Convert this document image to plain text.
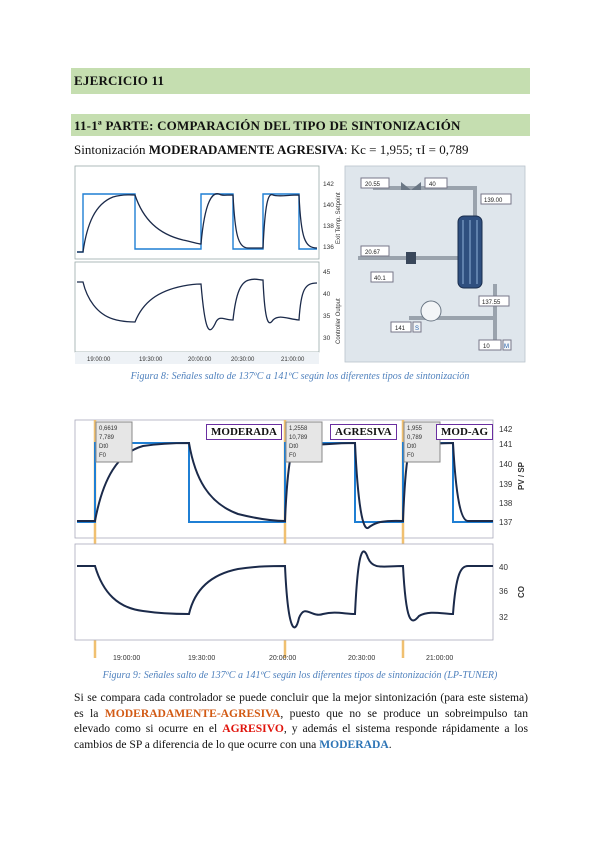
EJERCICIO 11
11-1ª PARTE: COMPARACIÓN DEL TIPO DE SINTONIZACIÓN
Sintonización MODERADAMENTE AGRESIVA: Kc = 1,955; τI = 0,789
19:00:00	19:30:00	20:00:00	20:30:00	21:00:00
142
140
138
136
45
40
35
30
Exit Temp. Setpoint
Controller Output
20.55	40
139.00
20.67
40.1
137.55
141 S
10 M
Figura 8: Señales salto de 137ºC a 141ºC según los diferentes tipos de sintonización
19:00:00	19:30:00	20:00:00	20:30:00	21:00:00
142
141
140
139
138
137
PV / SP
40
36
32
CO
0,6619
7,789
Dt0
F0
1,2558
10,789
Dt0
F0
1,955
0,789
Dt0
F0
MODERADA	AGRESIVA	MOD-AG
Figura 9: Señales salto de 137ºC a 141ºC según los diferentes tipos de sintonización (LP-TUNER)
Si se compara cada controlador se puede concluir que la mejor sintonización (para este sistema) es la MODERADAMENTE-AGRESIVA, puesto que no se produce un sobreimpulso tan elevado como si ocurre en el AGRESIVO, y además el sistema responde rápidamente a los cambios de SP a diferencia de lo que ocurre con una MODERADA.
